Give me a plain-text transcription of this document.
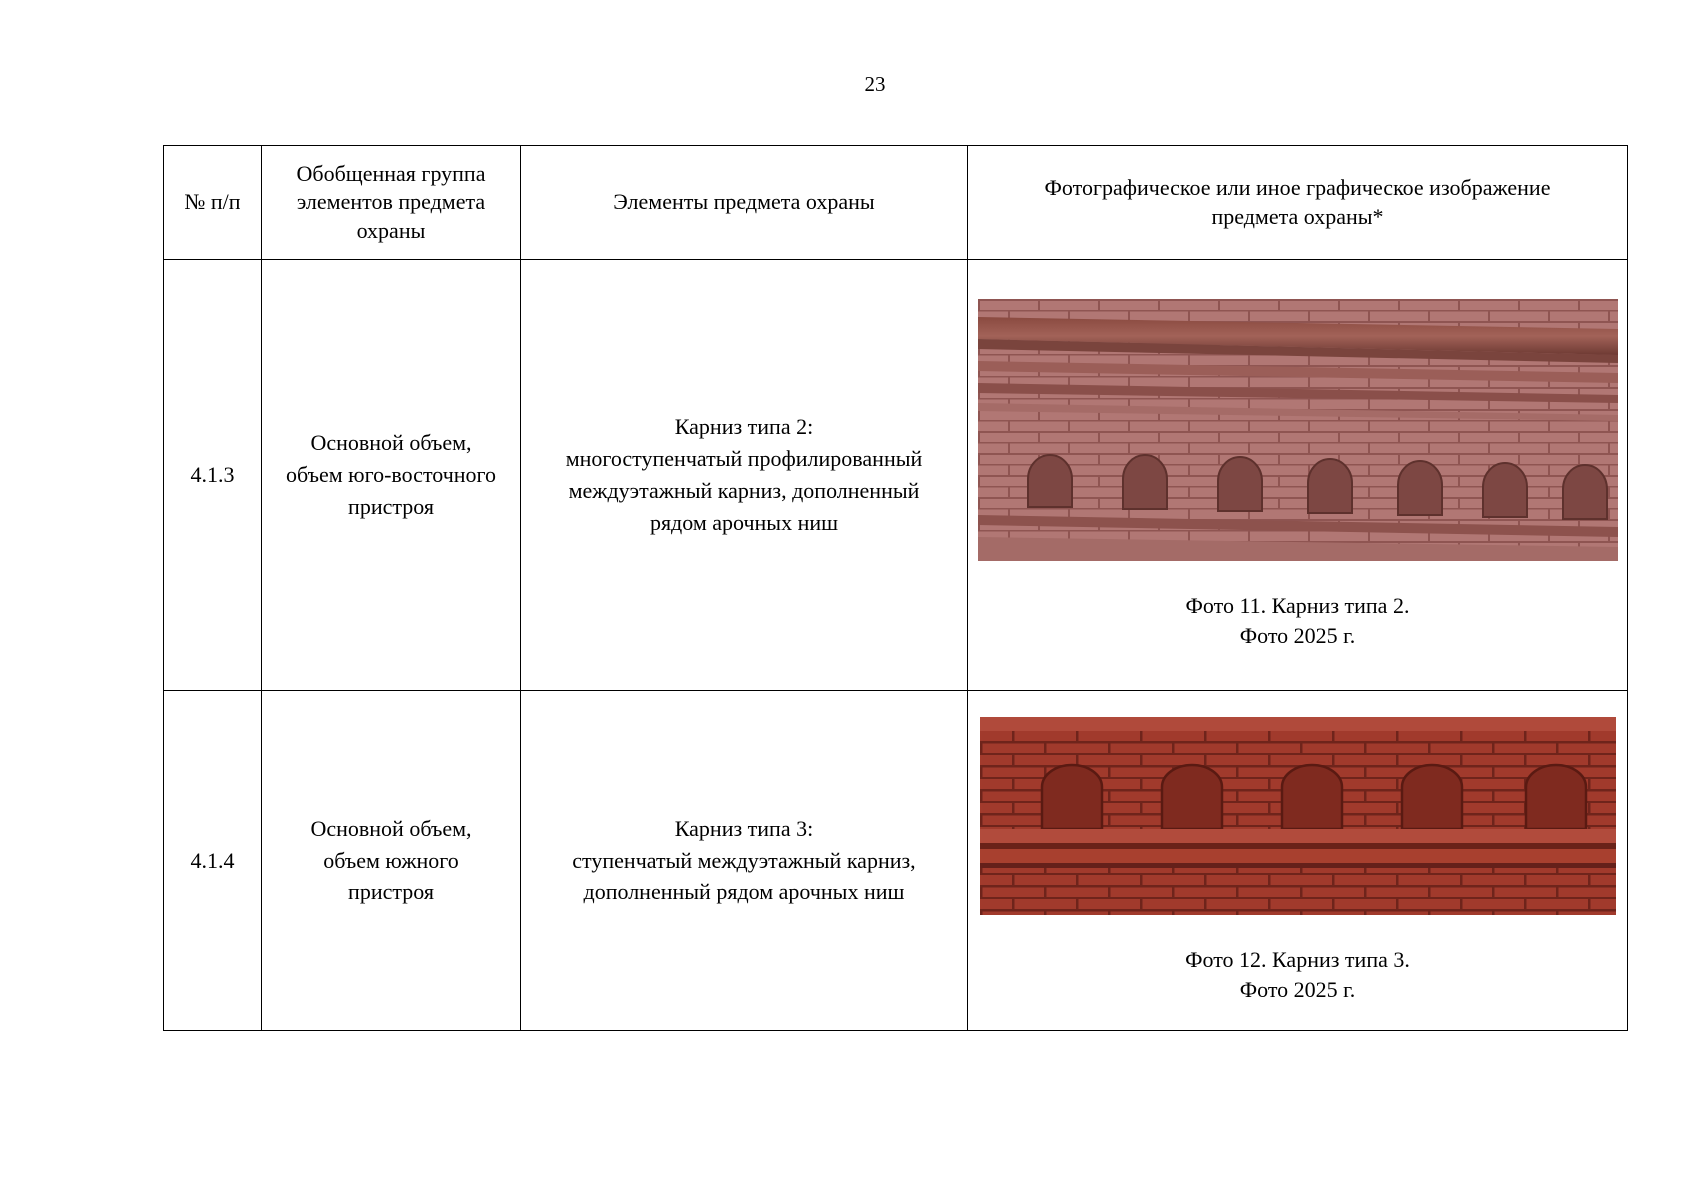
23
№ п/п	Обобщенная группа
элементов предмета
охраны	Элементы предмета охраны	Фотографическое или иное графическое изображение
предмета охраны*

4.1.3	Основной объем,
объем юго-восточного
пристроя	Карниз типа 2:
многоступенчатый профилированный
междуэтажный карниз, дополненный
рядом арочных ниш	Фото 11. Карниз типа 2.
Фото 2025 г.

4.1.4	Основной объем,
объем южного
пристроя	Карниз типа 3:
ступенчатый междуэтажный карниз,
дополненный рядом арочных ниш	Фото 12. Карниз типа 3.
Фото 2025 г.
